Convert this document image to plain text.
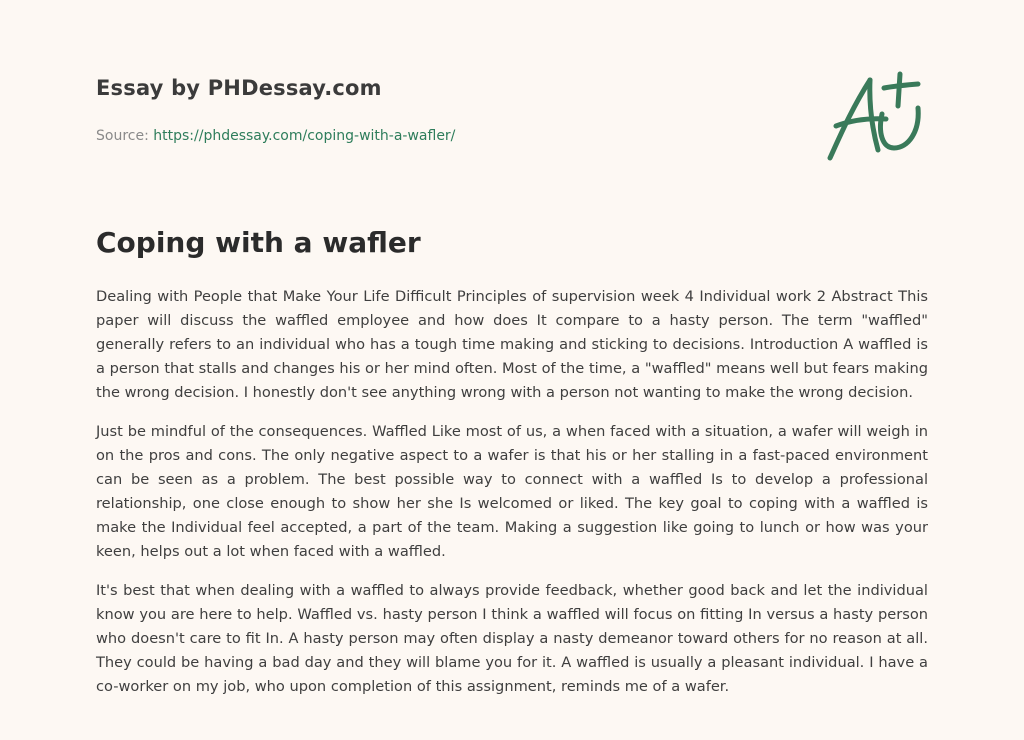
Essay by PHDessay.com
Source: https://phdessay.com/coping-with-a-wafler/
Coping with a wafler

Dealing with People that Make Your Life Difficult Principles of supervision week 4 Individual work 2 Abstract This paper will discuss the waffled employee and how does It compare to a hasty person. The term "waffled" generally refers to an individual who has a tough time making and sticking to decisions. Introduction A waffled is a person that stalls and changes his or her mind often. Most of the time, a "waffled" means well but fears making the wrong decision. I honestly don't see anything wrong with a person not wanting to make the wrong decision.

Just be mindful of the consequences. Waffled Like most of us, a when faced with a situation, a wafer will weigh in on the pros and cons. The only negative aspect to a wafer is that his or her stalling in a fast-paced environment can be seen as a problem. The best possible way to connect with a waffled Is to develop a professional relationship, one close enough to show her she Is welcomed or liked. The key goal to coping with a waffled is make the Individual feel accepted, a part of the team. Making a suggestion like going to lunch or how was your keen, helps out a lot when faced with a waffled.

It's best that when dealing with a waffled to always provide feedback, whether good back and let the individual know you are here to help. Waffled vs. hasty person I think a waffled will focus on fitting In versus a hasty person who doesn't care to fit In. A hasty person may often display a nasty demeanor toward others for no reason at all. They could be having a bad day and they will blame you for it. A waffled is usually a pleasant individual. I have a co-worker on my job, who upon completion of this assignment, reminds me of a wafer.
